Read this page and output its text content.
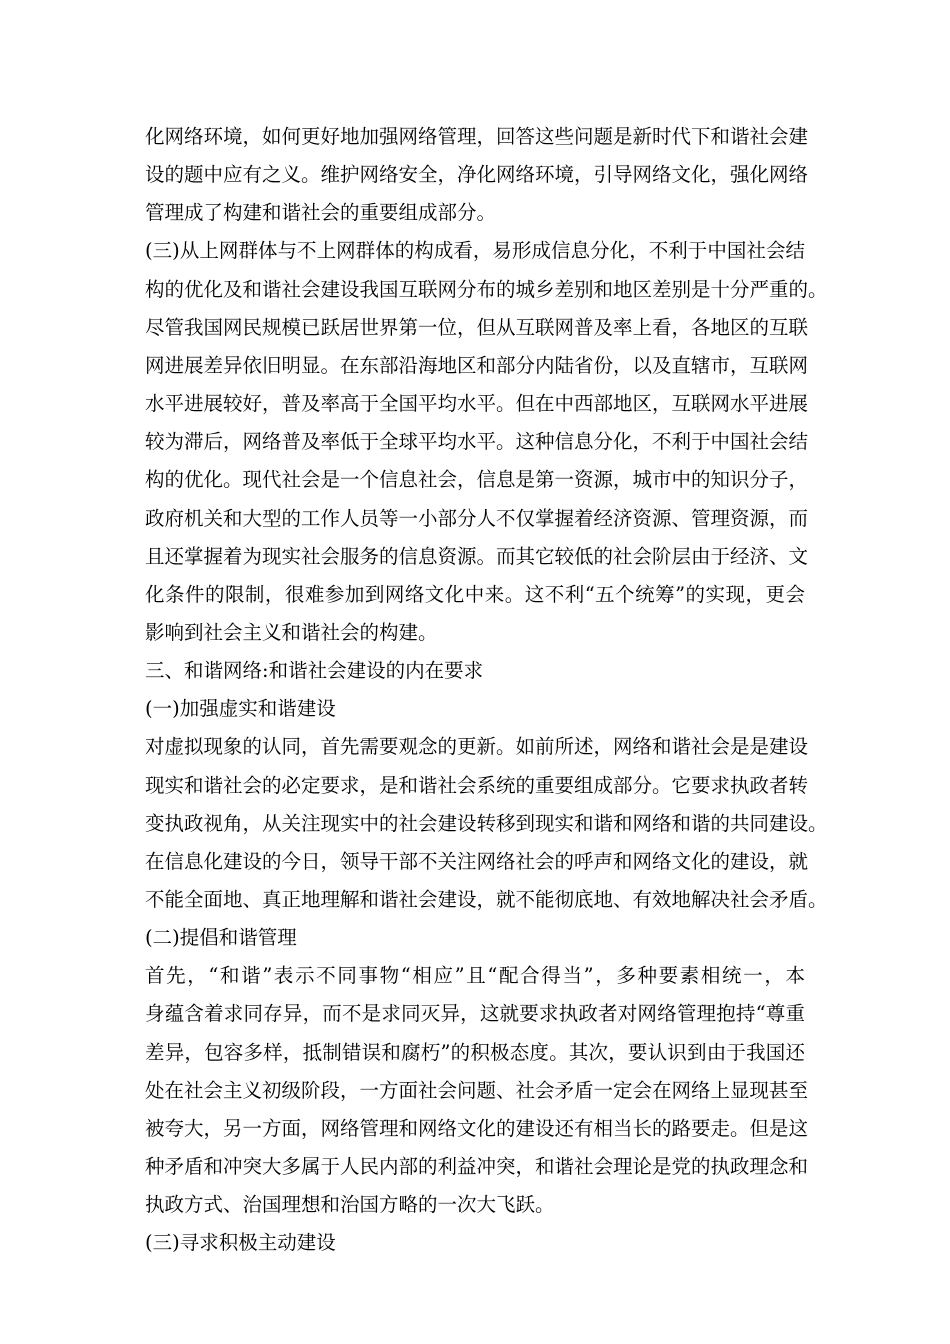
化网络环境，如何更好地加强网络管理，回答这些问题是新时代下和谐社会建
设的题中应有之义。维护网络安全，净化网络环境，引导网络文化，强化网络
管理成了构建和谐社会的重要组成部分。
(三)从上网群体与不上网群体的构成看，易形成信息分化，不利于中国社会结
构的优化及和谐社会建设我国互联网分布的城乡差别和地区差别是十分严重的。
尽管我国网民规模已跃居世界第一位，但从互联网普及率上看，各地区的互联
网进展差异依旧明显。在东部沿海地区和部分内陆省份，以及直辖市，互联网
水平进展较好，普及率高于全国平均水平。但在中西部地区，互联网水平进展
较为滞后，网络普及率低于全球平均水平。这种信息分化，不利于中国社会结
构的优化。现代社会是一个信息社会，信息是第一资源，城市中的知识分子，
政府机关和大型的工作人员等一小部分人不仅掌握着经济资源、管理资源，而
且还掌握着为现实社会服务的信息资源。而其它较低的社会阶层由于经济、文
化条件的限制，很难参加到网络文化中来。这不利“五个统筹”的实现，更会
影响到社会主义和谐社会的构建。
三、和谐网络:和谐社会建设的内在要求
(一)加强虚实和谐建设
对虚拟现象的认同，首先需要观念的更新。如前所述，网络和谐社会是是建设
现实和谐社会的必定要求，是和谐社会系统的重要组成部分。它要求执政者转
变执政视角，从关注现实中的社会建设转移到现实和谐和网络和谐的共同建设。
在信息化建设的今日，领导干部不关注网络社会的呼声和网络文化的建设，就
不能全面地、真正地理解和谐社会建设，就不能彻底地、有效地解决社会矛盾。
(二)提倡和谐管理
首先，“和谐”表示不同事物“相应”且“配合得当”，多种要素相统一，本
身蕴含着求同存异，而不是求同灭异，这就要求执政者对网络管理抱持“尊重
差异，包容多样，抵制错误和腐朽”的积极态度。其次，要认识到由于我国还
处在社会主义初级阶段，一方面社会问题、社会矛盾一定会在网络上显现甚至
被夸大，另一方面，网络管理和网络文化的建设还有相当长的路要走。但是这
种矛盾和冲突大多属于人民内部的利益冲突，和谐社会理论是党的执政理念和
执政方式、治国理想和治国方略的一次大飞跃。
(三)寻求积极主动建设
